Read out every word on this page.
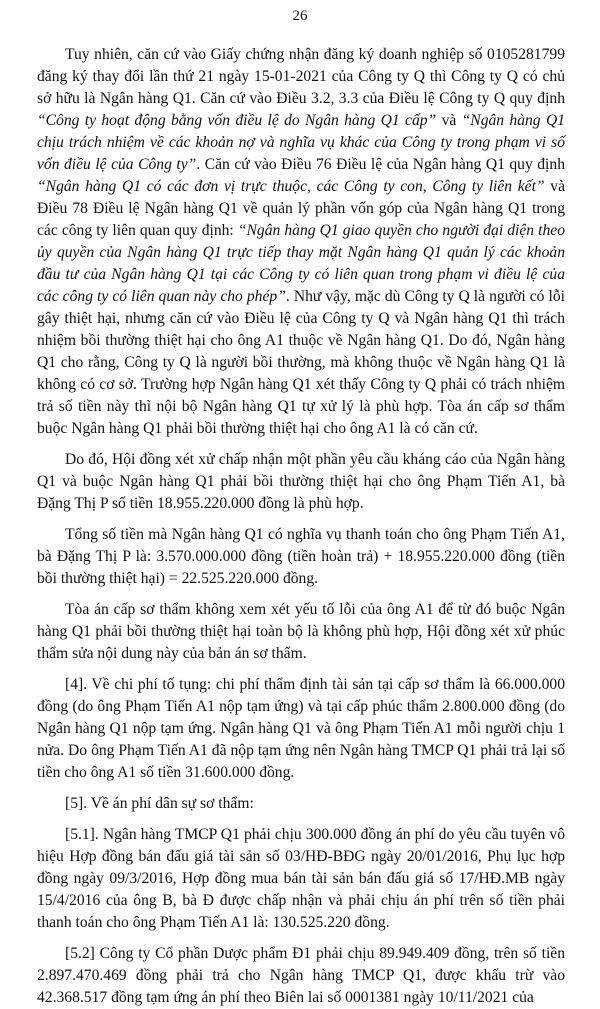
26

Tuy nhiên, căn cứ vào Giấy chứng nhận đăng ký doanh nghiệp số 0105281799 đăng ký thay đổi lần thứ 21 ngày 15-01-2021 của Công ty Q thì Công ty Q có chủ sở hữu là Ngân hàng Q1. Căn cứ vào Điều 3.2, 3.3 của Điều lệ Công ty Q quy định “Công ty hoạt động bằng vốn điều lệ do Ngân hàng Q1 cấp” và “Ngân hàng Q1 chịu trách nhiệm về các khoản nợ và nghĩa vụ khác của Công ty trong phạm vi số vốn điều lệ của Công ty”. Căn cứ vào Điều 76 Điều lệ của Ngân hàng Q1 quy định “Ngân hàng Q1 có các đơn vị trực thuộc, các Công ty con, Công ty liên kết” và Điều 78 Điều lệ Ngân hàng Q1 về quản lý phần vốn góp của Ngân hàng Q1 trong các công ty liên quan quy định: “Ngân hàng Q1 giao quyền cho người đại diện theo ủy quyền của Ngân hàng Q1 trực tiếp thay mặt Ngân hàng Q1 quản lý các khoản đầu tư của Ngân hàng Q1 tại các Công ty có liên quan trong phạm vi điều lệ của các công ty có liên quan này cho phép”. Như vậy, mặc dù Công ty Q là người có lỗi gây thiệt hại, nhưng căn cứ vào Điều lệ của Công ty Q và Ngân hàng Q1 thì trách nhiệm bồi thường thiệt hại cho ông A1 thuộc về Ngân hàng Q1. Do đó, Ngân hàng Q1 cho rằng, Công ty Q là người bồi thường, mà không thuộc về Ngân hàng Q1 là không có cơ sở. Trường hợp Ngân hàng Q1 xét thấy Công ty Q phải có trách nhiệm trả số tiền này thì nội bộ Ngân hàng Q1 tự xử lý là phù hợp. Tòa án cấp sơ thẩm buộc Ngân hàng Q1 phải bồi thường thiệt hại cho ông A1 là có căn cứ.

Do đó, Hội đồng xét xử chấp nhận một phần yêu cầu kháng cáo của Ngân hàng Q1 và buộc Ngân hàng Q1 phải bồi thường thiệt hại cho ông Phạm Tiến A1, bà Đặng Thị P số tiền 18.955.220.000 đồng là phù hợp.

Tổng số tiền mà Ngân hàng Q1 có nghĩa vụ thanh toán cho ông Phạm Tiến A1, bà Đặng Thị P là: 3.570.000.000 đồng (tiền hoàn trả) + 18.955.220.000 đồng (tiền bồi thường thiệt hại) = 22.525.220.000 đồng.

Tòa án cấp sơ thẩm không xem xét yếu tố lỗi của ông A1 để từ đó buộc Ngân hàng Q1 phải bồi thường thiệt hại toàn bộ là không phù hợp, Hội đồng xét xử phúc thẩm sửa nội dung này của bản án sơ thẩm.

[4]. Về chi phí tố tụng: chi phí thẩm định tài sản tại cấp sơ thẩm là 66.000.000 đồng (do ông Phạm Tiến A1 nộp tạm ứng) và tại cấp phúc thẩm 2.800.000 đồng (do Ngân hàng Q1 nộp tạm ứng. Ngân hàng Q1 và ông Phạm Tiến A1 mỗi người chịu 1 nửa. Do ông Phạm Tiến A1 đã nộp tạm ứng nên Ngân hàng TMCP Q1 phải trả lại số tiền cho ông A1 số tiền 31.600.000 đồng.

[5]. Về án phí dân sự sơ thẩm:

[5.1]. Ngân hàng TMCP Q1 phải chịu 300.000 đồng án phí do yêu cầu tuyên vô hiệu Hợp đồng bán đấu giá tài sản số 03/HĐ-BĐG ngày 20/01/2016, Phụ lục hợp đồng ngày 09/3/2016, Hợp đồng mua bán tài sản bán đấu giá số 17/HĐ.MB ngày 15/4/2016 của ông B, bà Đ được chấp nhận và phải chịu án phí trên số tiền phải thanh toán cho ông Phạm Tiến A1 là: 130.525.220 đồng.

[5.2] Công ty Cổ phần Dược phẩm Đ1 phải chịu 89.949.409 đồng, trên số tiền 2.897.470.469 đồng phải trả cho Ngân hàng TMCP Q1, được khấu trừ vào 42.368.517 đồng tạm ứng án phí theo Biên lai số 0001381 ngày 10/11/2021 của
